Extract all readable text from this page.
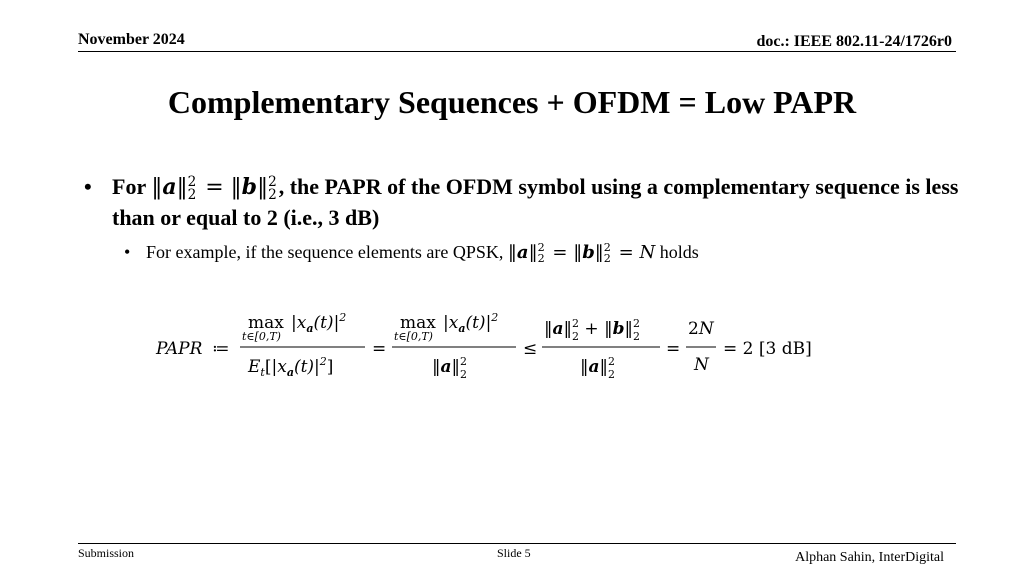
November 2024	doc.: IEEE 802.11-24/1726r0
Complementary Sequences + OFDM = Low PAPR
• For ‖a‖ 2
2 = ‖b‖ 2
2 , the PAPR of the OFDM symbol using a complementary sequence is less than or equal to 2 (i.e., 3 dB)
• For example, if the sequence elements are QPSK, ‖a‖ 2
2 = ‖b‖ 2
2 = N holds
PAPR ≔
$\max |x_a(t)|^2$
t∈[0,T)
$E_t[|x_a(t)|^2]$
=
$\max |x_a(t)|^2$
t∈[0,T)
‖a‖$^2$ 2
≤
‖a‖$^2$ 2 + ‖b‖$^2$ 2
‖a‖$^2$ 2
=
2N
N
= 2 [3 dB]
Submission	Slide 5	Alphan Sahin, InterDigital
